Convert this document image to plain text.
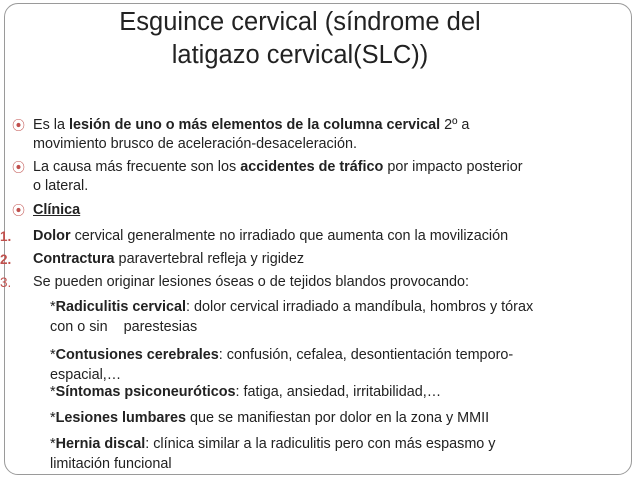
Esguince cervical (síndrome del
latigazo cervical(SLC))
⦿ Es la lesión de uno o más elementos de la columna cervical 2º a
movimiento brusco de aceleración-desaceleración.
⦿ La causa más frecuente son los accidentes de tráfico por impacto posterior
o lateral.
⦿ Clínica
1. Dolor cervical generalmente no irradiado que aumenta con la movilización
2. Contractura paravertebral refleja y rigidez
3. Se pueden originar lesiones óseas o de tejidos blandos provocando:
*Radiculitis cervical: dolor cervical irradiado a mandíbula, hombros y tórax
con o sin    parestesias
*Contusiones cerebrales: confusión, cefalea, desontientación temporo-
espacial,…
*Síntomas psiconeuróticos: fatiga, ansiedad, irritabilidad,…
*Lesiones lumbares que se manifiestan por dolor en la zona y MMII
*Hernia discal: clínica similar a la radiculitis pero con más espasmo y
limitación funcional
